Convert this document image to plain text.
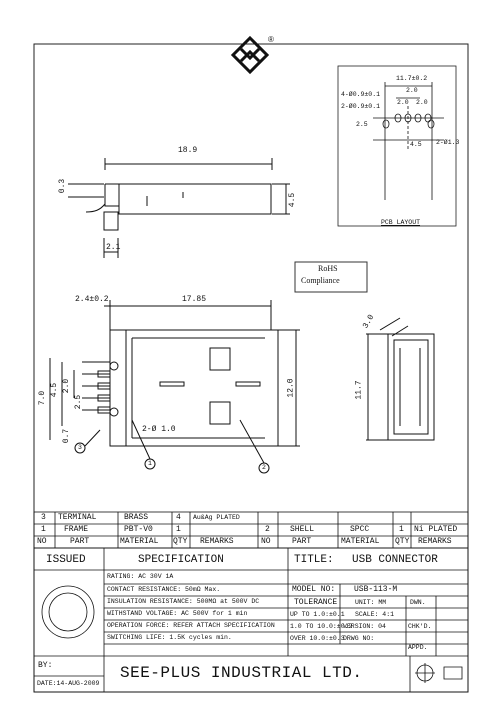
®
11.7±0.2
2.0
2.0 2.0
2.5
4.5
4-Ø0.9±0.1
2-Ø0.9±0.1
2-Ø1.3
PCB LAYOUT
RoHS
Compliance
18.9
0.3
4.5
2.1
2.4±0.2	17.85
12.0
7.0
4.5 2.0
2.5
0.7	2-Ø 1.0
1
2
3
11.7
3.0
3 TERMINAL	BRASS	4 Au&Ag PLATED
1 FRAME	PBT-V0	1	2	SHELL	SPCC	1 Ni PLATED
NO	PART	MATERIAL QTY REMARKS	NO	PART	MATERIAL QTY REMARKS
ISSUED	SPECIFICATION	TITLE: USB CONNECTOR
RATING: AC 30V 1A
CONTACT RESISTANCE: 50mΩ Max.
INSULATION RESISTANCE: 500MΩ at 500V DC
WITHSTAND VOLTAGE: AC 500V for 1 min
OPERATION FORCE: REFER ATTACH SPECIFICATION
SWITCHING LIFE: 1.5K cycles min.
MODEL NO: USB-113-M
TOLERANCE
UP TO 1.0:±0.1
1.0 TO 10.0:±0.2
OVER 10.0:±0.3
UNIT: MM
SCALE: 4:1
VERSION: 04
DRWG NO:
DWN.
CHK'D.
APPD.
BY:
DATE:14-AUG-2009
SEE-PLUS INDUSTRIAL LTD.
